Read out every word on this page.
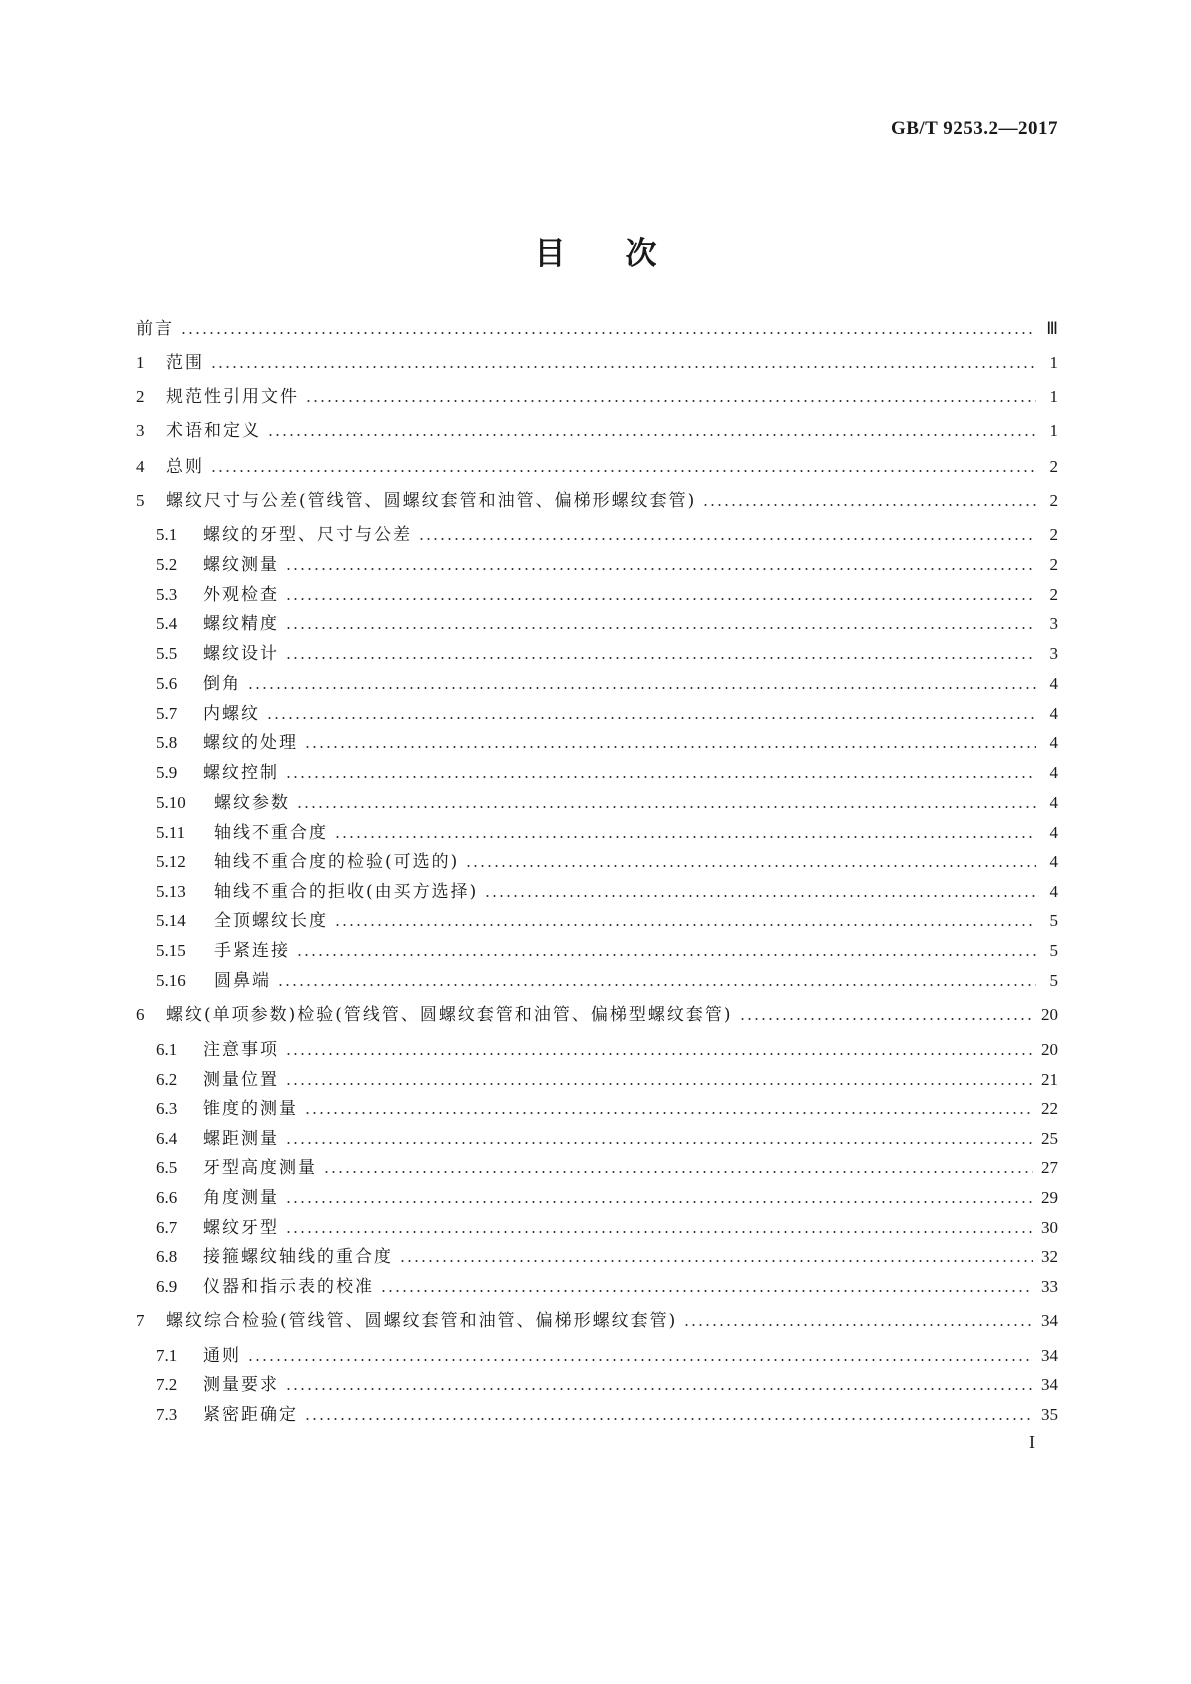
GB/T 9253.2—2017
目次
前言	Ⅲ
1	范围	1
2	规范性引用文件	1
3	术语和定义	1
4	总则	2
5	螺纹尺寸与公差(管线管、圆螺纹套管和油管、偏梯形螺纹套管)	2
5.1	螺纹的牙型、尺寸与公差	2
5.2	螺纹测量	2
5.3	外观检查	2
5.4	螺纹精度	3
5.5	螺纹设计	3
5.6	倒角	4
5.7	内螺纹	4
5.8	螺纹的处理	4
5.9	螺纹控制	4
5.10	螺纹参数	4
5.11	轴线不重合度	4
5.12	轴线不重合度的检验(可选的)	4
5.13	轴线不重合的拒收(由买方选择)	4
5.14	全顶螺纹长度	5
5.15	手紧连接	5
5.16	圆鼻端	5
6	螺纹(单项参数)检验(管线管、圆螺纹套管和油管、偏梯型螺纹套管)	20
6.1	注意事项	20
6.2	测量位置	21
6.3	锥度的测量	22
6.4	螺距测量	25
6.5	牙型高度测量	27
6.6	角度测量	29
6.7	螺纹牙型	30
6.8	接箍螺纹轴线的重合度	32
6.9	仪器和指示表的校准	33
7	螺纹综合检验(管线管、圆螺纹套管和油管、偏梯形螺纹套管)	34
7.1	通则	34
7.2	测量要求	34
7.3	紧密距确定	35
I
